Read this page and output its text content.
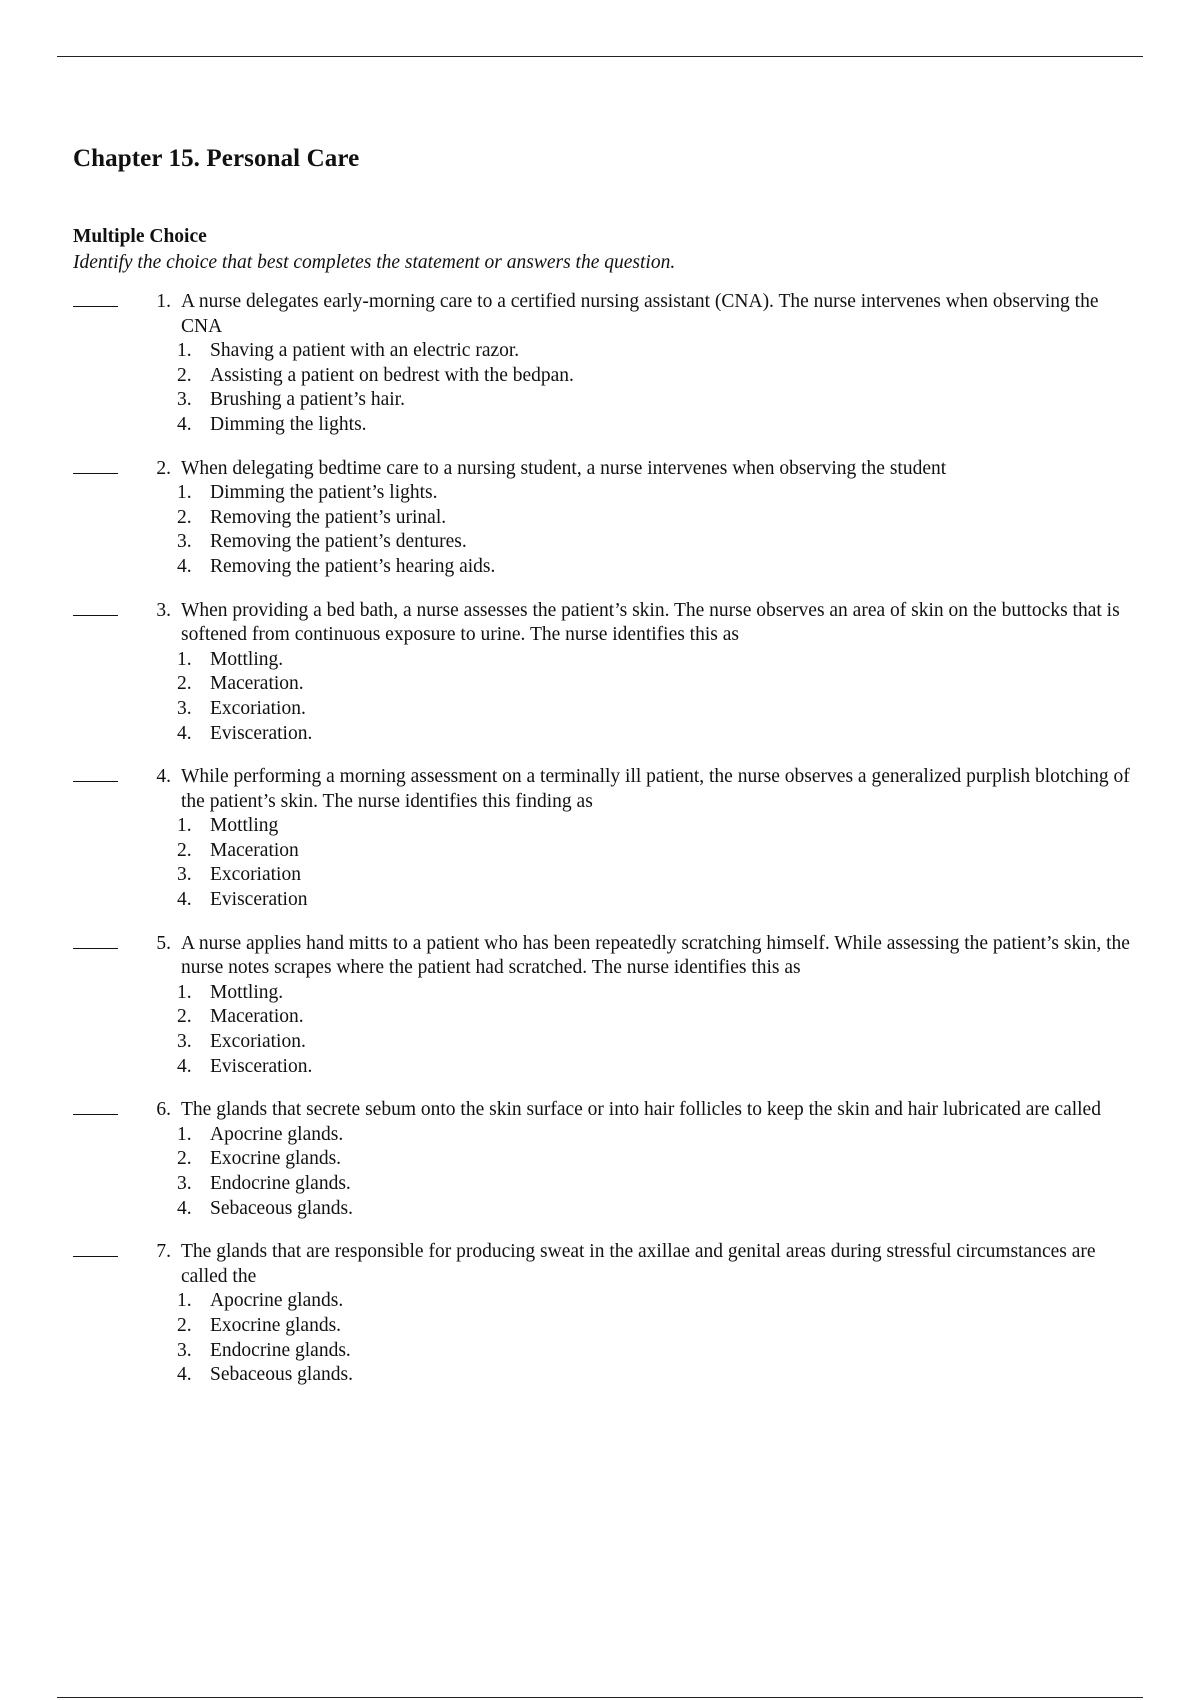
Chapter 15. Personal Care
Multiple Choice
Identify the choice that best completes the statement or answers the question.
1. A nurse delegates early-morning care to a certified nursing assistant (CNA). The nurse intervenes when observing the CNA
1. Shaving a patient with an electric razor.
2. Assisting a patient on bedrest with the bedpan.
3. Brushing a patient’s hair.
4. Dimming the lights.
2. When delegating bedtime care to a nursing student, a nurse intervenes when observing the student
1. Dimming the patient’s lights.
2. Removing the patient’s urinal.
3. Removing the patient’s dentures.
4. Removing the patient’s hearing aids.
3. When providing a bed bath, a nurse assesses the patient’s skin. The nurse observes an area of skin on the buttocks that is softened from continuous exposure to urine. The nurse identifies this as
1. Mottling.
2. Maceration.
3. Excoriation.
4. Evisceration.
4. While performing a morning assessment on a terminally ill patient, the nurse observes a generalized purplish blotching of the patient’s skin. The nurse identifies this finding as
1. Mottling
2. Maceration
3. Excoriation
4. Evisceration
5. A nurse applies hand mitts to a patient who has been repeatedly scratching himself. While assessing the patient’s skin, the nurse notes scrapes where the patient had scratched. The nurse identifies this as
1. Mottling.
2. Maceration.
3. Excoriation.
4. Evisceration.
6. The glands that secrete sebum onto the skin surface or into hair follicles to keep the skin and hair lubricated are called
1. Apocrine glands.
2. Exocrine glands.
3. Endocrine glands.
4. Sebaceous glands.
7. The glands that are responsible for producing sweat in the axillae and genital areas during stressful circumstances are called the
1. Apocrine glands.
2. Exocrine glands.
3. Endocrine glands.
4. Sebaceous glands.
